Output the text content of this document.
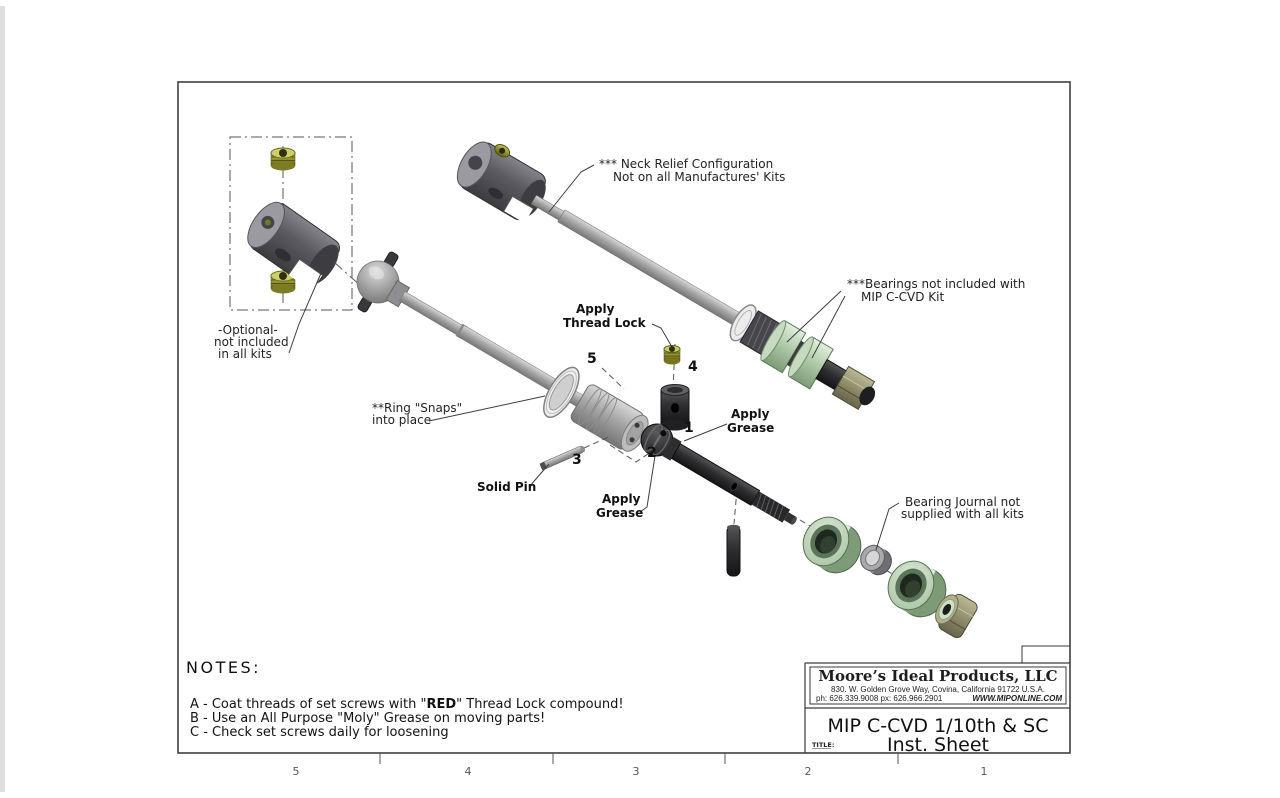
5	4	3	2	1
*** Neck Relief Configuration
Not on all Manufactures' Kits
***Bearings not included with
MIP C-CVD Kit
-Optional-
not included
in all kits
Apply
Thread Lock
**Ring "Snaps"
into place
Solid Pin
Apply
Grease
Apply
Grease
Bearing Journal not
supplied with all kits
5	4
1
2
3
NOTES:
A - Coat threads of set screws with "RED" Thread Lock compound!
B - Use an All Purpose "Moly" Grease on moving parts!
C - Check set screws daily for loosening
Moore’s Ideal Products, LLC
830. W. Golden Grove Way, Covina, California 91722 U.S.A.
ph: 626.339.9008 px: 626.966.2901	WWW.MIPONLINE.COM
TITLE:
MIP C-CVD 1/10th & SC
Inst. Sheet
